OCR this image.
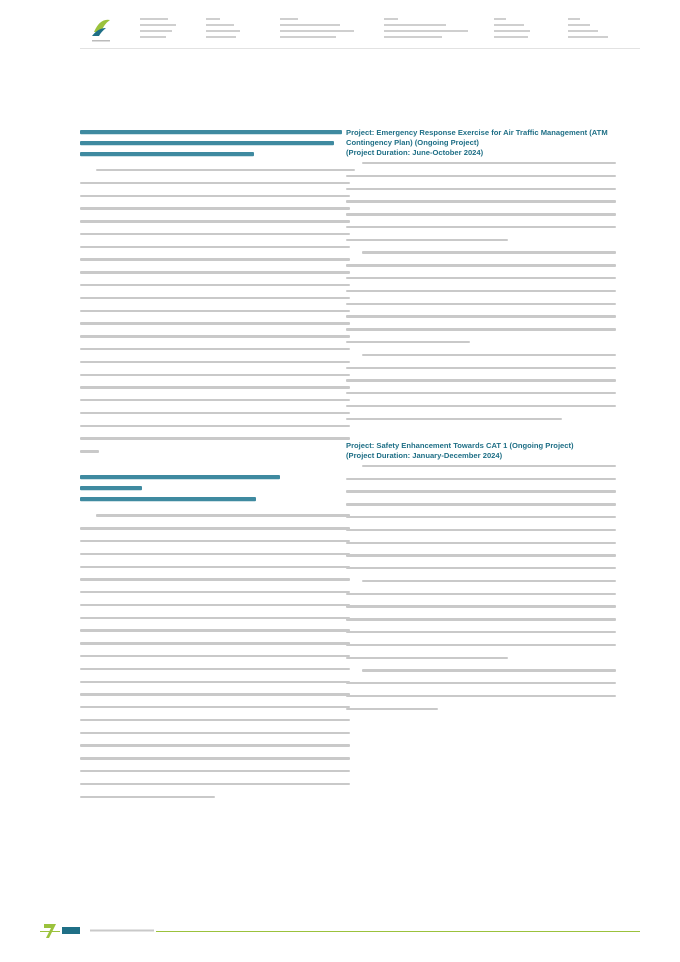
Project: Emergency Response Exercise for Air Traffic Management (ATM Contingency Plan) (Ongoing Project)

(Project Duration: June-October 2024)

Project: Safety Enhancement Towards CAT 1 (Ongoing Project)

(Project Duration: January-December 2024)
